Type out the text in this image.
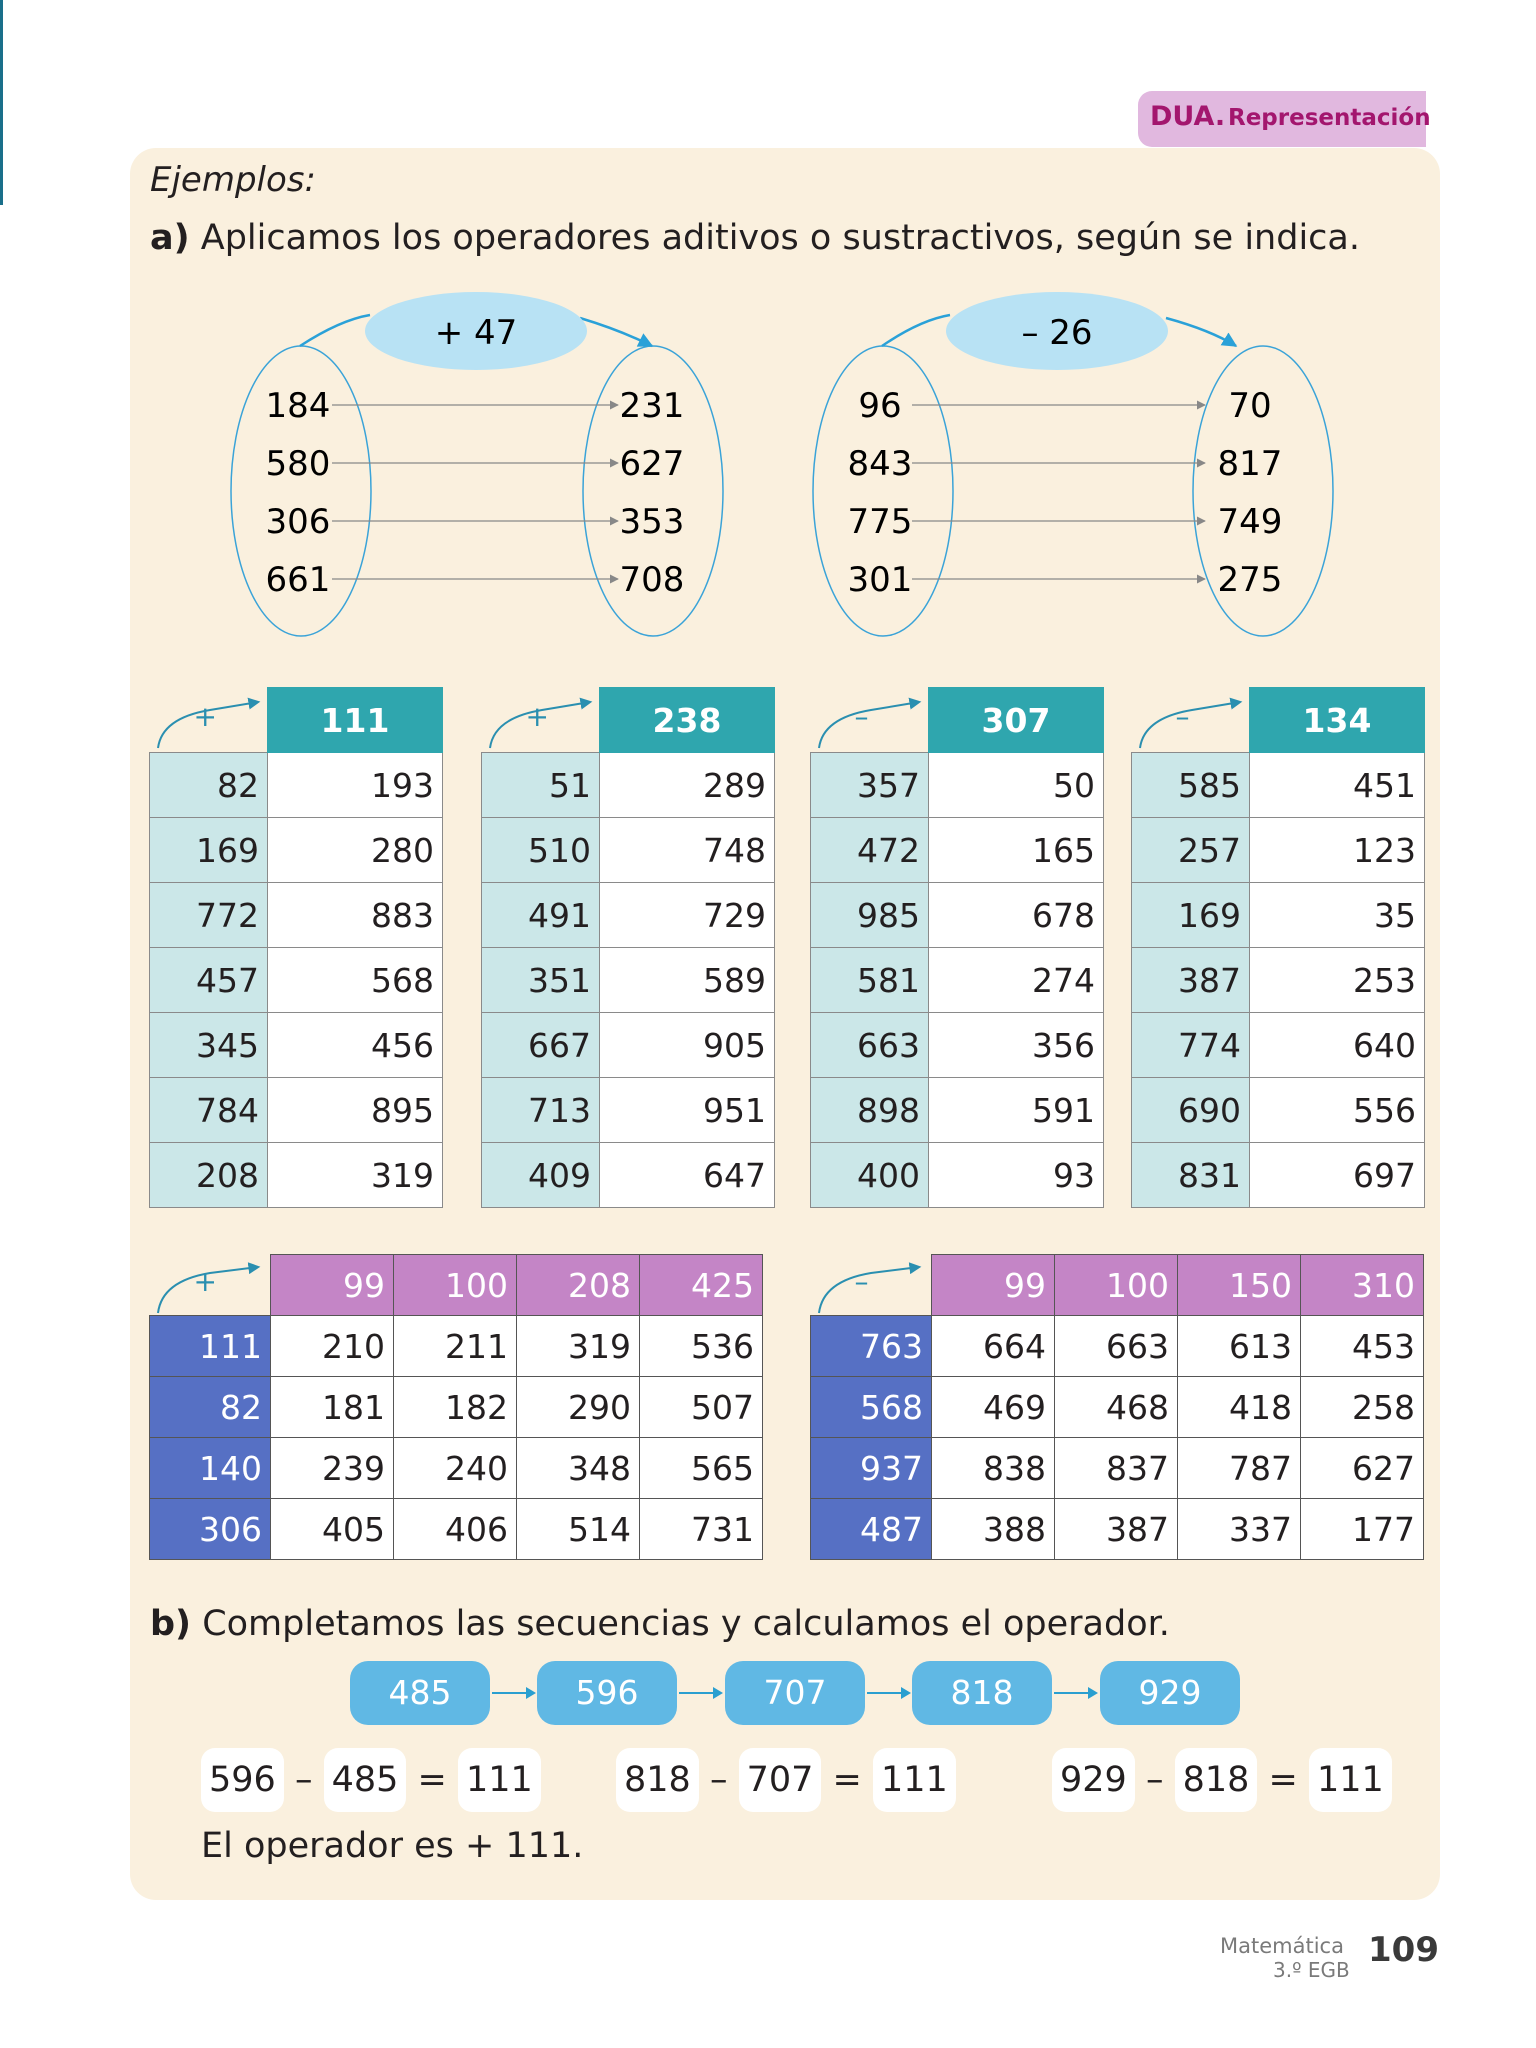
DUA. Representación
Ejemplos:
a) Aplicamos los operadores aditivos o sustractivos, según se indica.
+ 47
184	231
580	627
306	353
661	708
– 26
96	70
843	817
775	749
301	275
+	111
82	193
169	280
772	883
457	568
345	456
784	895
208	319
+	238
51	289
510	748
491	729
351	589
667	905
713	951
409	647
–	307
357	50
472	165
985	678
581	274
663	356
898	591
400	93
–	134
585	451
257	123
169	35
387	253
774	640
690	556
831	697
+	99	100	208	425
111	210	211	319	536
82	181	182	290	507
140	239	240	348	565
306	405	406	514	731
–	99	100	150	310
763	664	663	613	453
568	469	468	418	258
937	838	837	787	627
487	388	387	337	177
b) Completamos las secuencias y calculamos el operador.
485	596	707	818	929
596 – 485 = 111	818 – 707 = 111	929 – 818 = 111
El operador es + 111.
Matemática
3.º EGB 109
